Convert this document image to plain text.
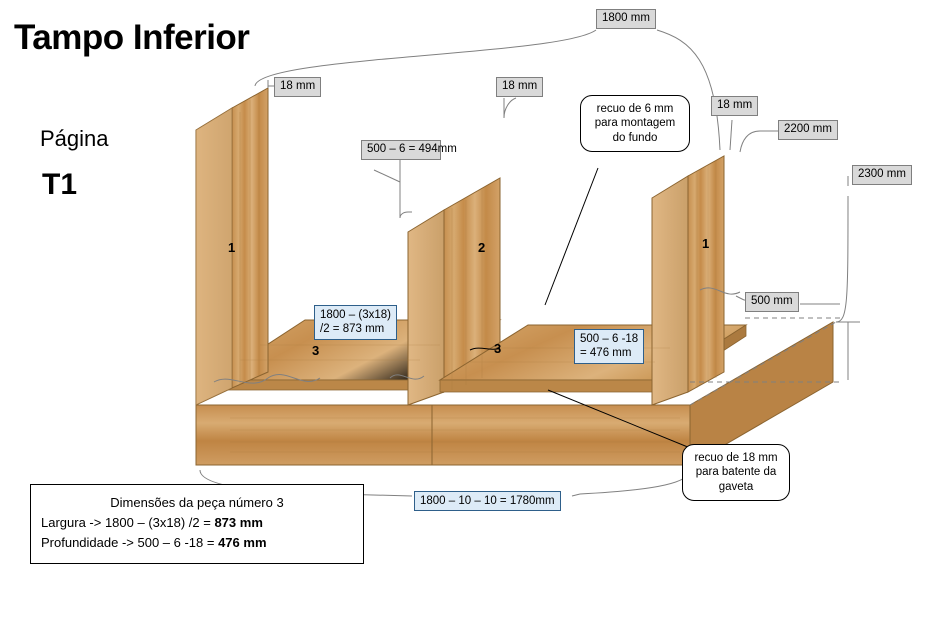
Tampo Inferior
Página
T1
1800 mm
18 mm	18 mm
18 mm
500 – 6 = 494mm
2200 mm
2300 mm
500 mm
1800 – (3x18)
/2 = 873 mm
500 – 6 -18
= 476 mm
1800 – 10 – 10 = 1780mm
recuo de 6 mm para montagem do fundo
recuo de 18 mm para batente da gaveta
1	2	1
3	3
Dimensões da peça número 3
Largura -> 1800 – (3x18) /2 = 873 mm
Profundidade -> 500 – 6 -18 = 476 mm
